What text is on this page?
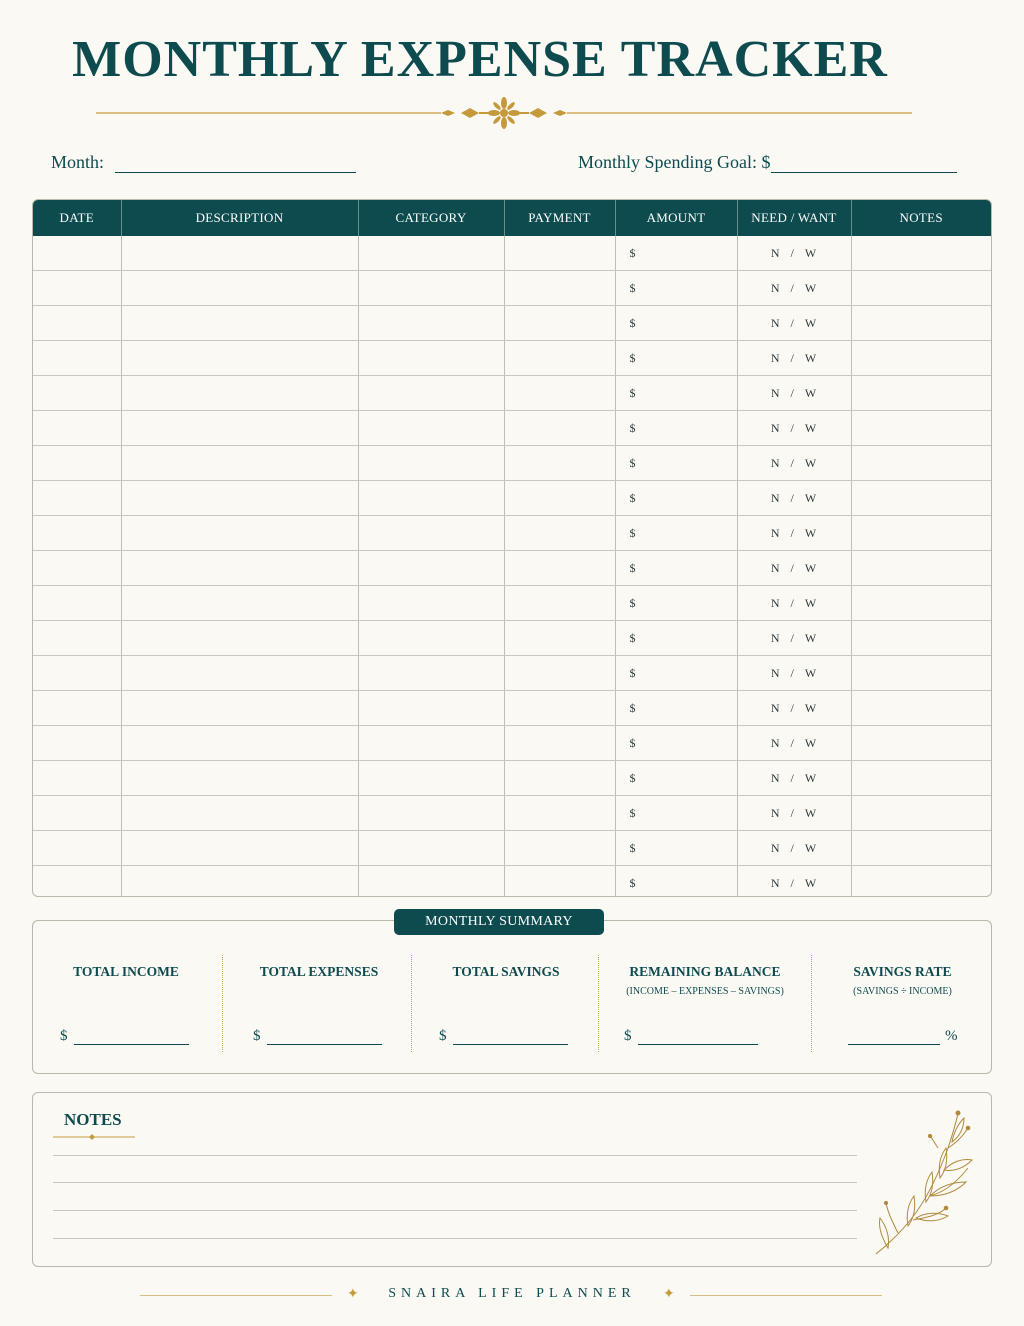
MONTHLY EXPENSE TRACKER
Month:	Monthly Spending Goal: $
DATE	DESCRIPTION	CATEGORY	PAYMENT	AMOUNT	NEED / WANT	NOTES
				$	N / W	
				$	N / W	
				$	N / W	
				$	N / W	
				$	N / W	
				$	N / W	
				$	N / W	
				$	N / W	
				$	N / W	
				$	N / W	
				$	N / W	
				$	N / W	
				$	N / W	
				$	N / W	
				$	N / W	
				$	N / W	
				$	N / W	
				$	N / W	
				$	N / W	
MONTHLY SUMMARY
TOTAL INCOME	TOTAL EXPENSES	TOTAL SAVINGS	REMAINING BALANCE
(INCOME – EXPENSES – SAVINGS)
SAVINGS RATE
(SAVINGS ÷ INCOME)
$	$	$	$	%
NOTES
✦	SNAIRA LIFE PLANNER	✦
